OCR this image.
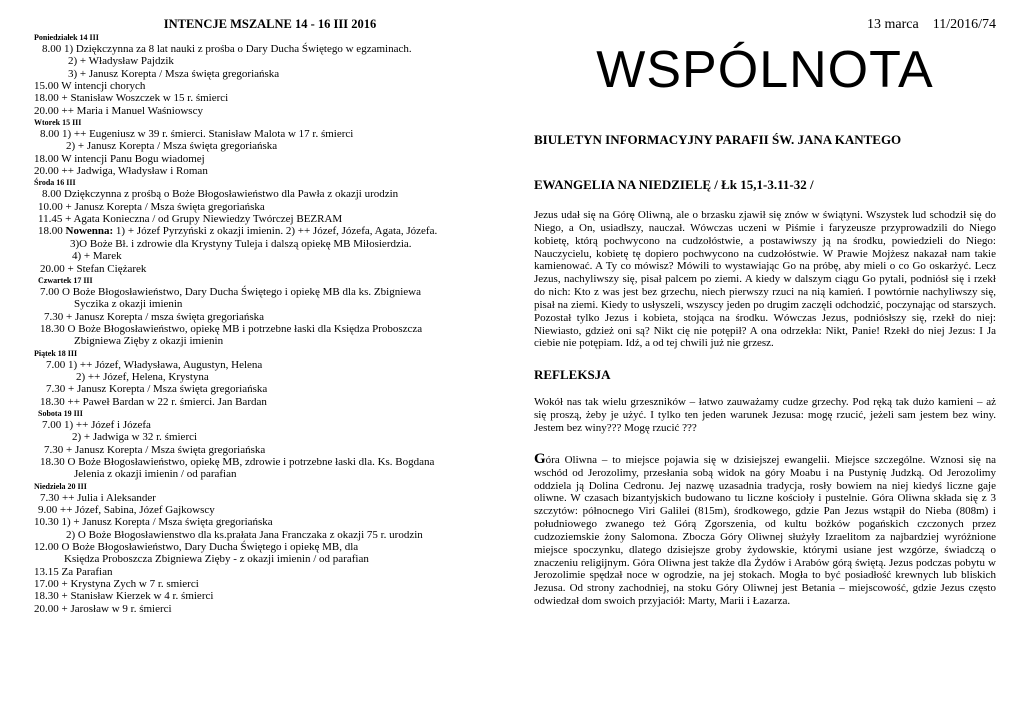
INTENCJE MSZALNE 14 - 16 III 2016
Poniedziałek 14 III
8.00 1) Dziękczynna za 8 lat nauki z prośba o Dary Ducha Świętego w egzaminach.
2) + Władysław Pajdzik
3) + Janusz Korepta / Msza święta gregoriańska
15.00 W intencji chorych
18.00 + Stanisław Woszczek w 15 r. śmierci
20.00 ++ Maria i Manuel Waśniowscy
Wtorek 15 III
8.00 1) ++ Eugeniusz w 39 r. śmierci. Stanisław Malota w 17 r. śmierci
2) + Janusz Korepta / Msza święta gregoriańska
18.00 W intencji Panu Bogu wiadomej
20.00 ++ Jadwiga, Władysław i Roman
Środa 16 III
8.00 Dziękczynna z prośbą o Boże Błogosławieństwo dla Pawła z okazji urodzin
10.00 + Janusz Korepta / Msza święta gregoriańska
11.45 + Agata Konieczna / od Grupy Niewiedzy Twórczej BEZRAM
18.00 Nowenna: 1) + Józef Pyrzyński z okazji imienin. 2) ++ Józef, Józefa, Agata, Józefa.
3)O Boże Bł. i zdrowie dla Krystyny Tuleja i dalszą opiekę MB Miłosierdzia.
4) + Marek
20.00 + Stefan Ciężarek
Czwartek 17 III
7.00 O Boże Błogosławieństwo, Dary Ducha Świętego i opiekę MB dla ks. Zbigniewa
Syczika z okazji imienin
7.30 + Janusz Korepta / msza święta gregoriańska
18.30 O Boże Błogosławieństwo, opiekę MB i potrzebne łaski dla Księdza Proboszcza
Zbigniewa Zięby z okazji imienin
Piątek 18 III
7.00 1) ++ Józef, Władysława, Augustyn, Helena
2) ++ Józef, Helena, Krystyna
7.30 + Janusz Korepta / Msza święta gregoriańska
18.30 ++ Paweł Bardan w 22 r. śmierci. Jan Bardan
Sobota 19 III
7.00 1) ++ Józef i Józefa
2) + Jadwiga w 32 r. śmierci
7.30 + Janusz Korepta / Msza święta gregoriańska
18.30 O Boże Błogosławieństwo, opiekę MB, zdrowie i potrzebne łaski dla. Ks. Bogdana
Jelenia z okazji imienin / od parafian
Niedziela 20 III
7.30 ++ Julia i Aleksander
9.00 ++ Józef, Sabina, Józef Gajkowscy
10.30 1) + Janusz Korepta / Msza święta gregoriańska
2) O Boże Błogosławienstwo dla ks.prałata Jana Franczaka z okazji 75 r. urodzin
12.00 O Boże Błogosławieństwo, Dary Ducha Świętego i opiekę MB, dla
Księdza Proboszcza Zbigniewa Zięby - z okazji imienin / od parafian
13.15 Za Parafian
17.00 + Krystyna Zych w 7 r. smierci
18.30 + Stanisław Kierzek w 4 r. śmierci
20.00 + Jarosław w 9 r. śmierci
13 marca 11/2016/74
WSPÓLNOTA
BIULETYN INFORMACYJNY PARAFII ŚW. JANA KANTEGO
EWANGELIA NA NIEDZIELĘ / Łk 15,1-3.11-32 /
Jezus udał się na Górę Oliwną, ale o brzasku zjawił się znów w świątyni. Wszystek lud schodził się do Niego, a On, usiadłszy, nauczał. Wówczas uczeni w Piśmie i faryzeusze przyprowadzili do Niego kobietę, którą pochwycono na cudzołóstwie, a postawiwszy ją na środku, powiedzieli do Niego: Nauczycielu, kobietę tę dopiero pochwycono na cudzołóstwie. W Prawie Mojżesz nakazał nam takie kamienować. A Ty co mówisz? Mówili to wystawiając Go na próbę, aby mieli o co Go oskarżyć. Lecz Jezus, nachyliwszy się, pisał palcem po ziemi. A kiedy w dalszym ciągu Go pytali, podniósł się i rzekł do nich: Kto z was jest bez grzechu, niech pierwszy rzuci na nią kamień. I powtórnie nachyliwszy się, pisał na ziemi. Kiedy to usłyszeli, wszyscy jeden po drugim zaczęli odchodzić, poczynając od starszych. Pozostał tylko Jezus i kobieta, stojąca na środku. Wówczas Jezus, podniósłszy się, rzekł do niej: Niewiasto, gdzież oni są? Nikt cię nie potępił? A ona odrzekła: Nikt, Panie! Rzekł do niej Jezus: I Ja ciebie nie potępiam. Idź, a od tej chwili już nie grzesz.
REFLEKSJA
Wokół nas tak wielu grzeszników – łatwo zauważamy cudze grzechy. Pod ręką tak dużo kamieni – aż się proszą, żeby je użyć. I tylko ten jeden warunek Jezusa: mogę rzucić, jeżeli sam jestem bez winy. Jestem bez winy??? Mogę rzucić ???
Góra Oliwna – to miejsce pojawia się w dzisiejszej ewangelii. Miejsce szczególne. Wznosi się na wschód od Jerozolimy, przesłania sobą widok na góry Moabu i na Pustynię Judzką. Od Jerozolimy oddziela ją Dolina Cedronu. Jej nazwę uzasadnia tradycja, rosły bowiem na niej kiedyś liczne gaje oliwne. W czasach bizantyjskich budowano tu liczne kościoły i pustelnie. Góra Oliwna składa się z 3 szczytów: północnego Viri Galilei (815m), środkowego, gdzie Pan Jezus wstąpił do Nieba (808m) i południowego zwanego też Górą Zgorszenia, od kultu bożków pogańskich czczonych przez cudzoziemskie żony Salomona. Zbocza Góry Oliwnej służyły Izraelitom za najbardziej wyróżnione miejsce spoczynku, dlatego dzisiejsze groby żydowskie, którymi usiane jest wzgórze, świadczą o znaczeniu religijnym. Góra Oliwna jest także dla Żydów i Arabów górą świętą. Jezus podczas pobytu w Jerozolimie spędzał noce w ogrodzie, na jej stokach. Mogła to być posiadłość krewnych lub bliskich Jezusa. Od strony zachodniej, na stoku Góry Oliwnej jest Betania – miejscowość, gdzie Jezus często odwiedzał dom swoich przyjaciół: Marty, Marii i Łazarza.
